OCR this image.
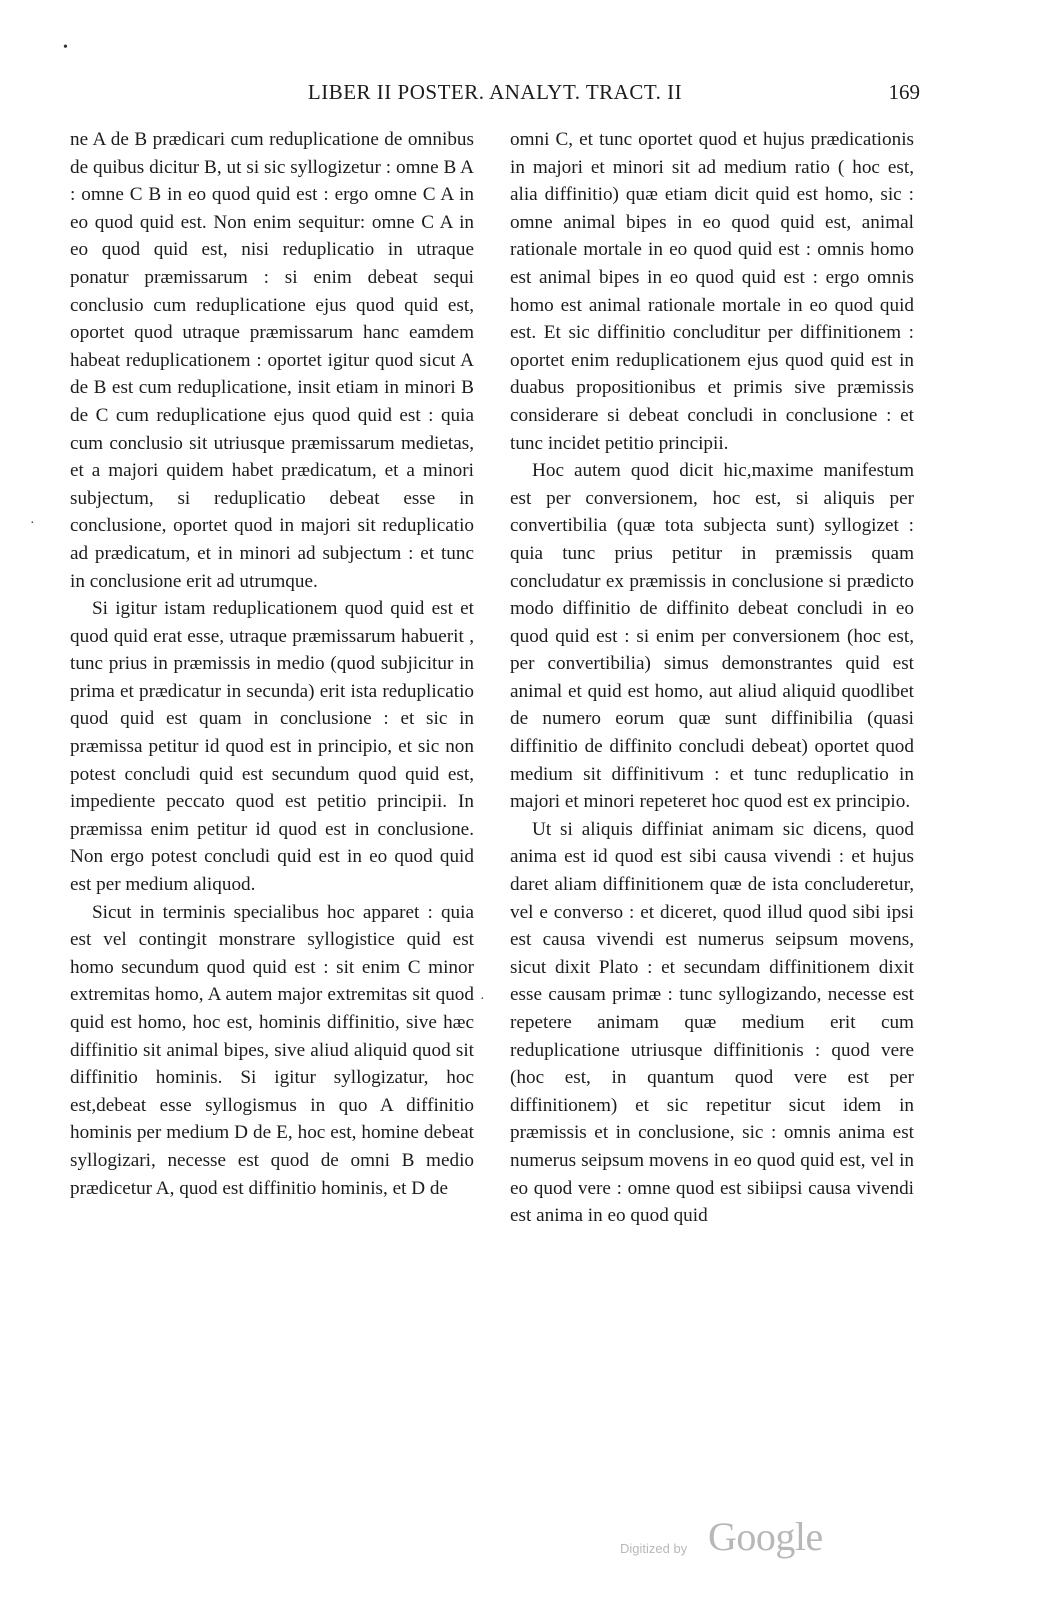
LIBER II POSTER. ANALYT. TRACT. II	169

ne A de B prædicari cum reduplicatione de omnibus de quibus dicitur B, ut si sic syllogizetur : omne B A : omne C B in eo quod quid est : ergo omne C A in eo quod quid est. Non enim sequitur: omne C A in eo quod quid est, nisi reduplicatio in utraque ponatur præmissarum : si enim debeat sequi conclusio cum reduplicatione ejus quod quid est, oportet quod utraque præmissarum hanc eamdem habeat reduplicationem : oportet igitur quod sicut A de B est cum reduplicatione, insit etiam in minori B de C cum reduplicatione ejus quod quid est : quia cum conclusio sit utriusque præmissarum medietas, et a majori quidem habet prædicatum, et a minori subjectum, si reduplicatio debeat esse in conclusione, oportet quod in majori sit reduplicatio ad prædicatum, et in minori ad subjectum : et tunc in conclusione erit ad utrumque.

Si igitur istam reduplicationem quod quid est et quod quid erat esse, utraque præmissarum habuerit , tunc prius in præmissis in medio (quod subjicitur in prima et prædicatur in secunda) erit ista reduplicatio quod quid est quam in conclusione : et sic in præmissa petitur id quod est in principio, et sic non potest concludi quid est secundum quod quid est, impediente peccato quod est petitio principii. In præmissa enim petitur id quod est in conclusione. Non ergo potest concludi quid est in eo quod quid est per medium aliquod.

Sicut in terminis specialibus hoc apparet : quia est vel contingit monstrare syllogistice quid est homo secundum quod quid est : sit enim C minor extremitas homo, A autem major extremitas sit quod quid est homo, hoc est, hominis diffinitio, sive hæc diffinitio sit animal bipes, sive aliud aliquid quod sit diffinitio hominis. Si igitur syllogizatur, hoc est,debeat esse syllogismus in quo A diffinitio hominis per medium D de E, hoc est, homine debeat syllogizari, necesse est quod de omni B medio prædicetur A, quod est diffinitio hominis, et D de

omni C, et tunc oportet quod et hujus prædicationis in majori et minori sit ad medium ratio ( hoc est, alia diffinitio) quæ etiam dicit quid est homo, sic : omne animal bipes in eo quod quid est, animal rationale mortale in eo quod quid est : omnis homo est animal bipes in eo quod quid est : ergo omnis homo est animal rationale mortale in eo quod quid est. Et sic diffinitio concluditur per diffinitionem : oportet enim reduplicationem ejus quod quid est in duabus propositionibus et primis sive præmissis considerare si debeat concludi in conclusione : et tunc incidet petitio principii.

Hoc autem quod dicit hic,maxime manifestum est per conversionem, hoc est, si aliquis per convertibilia (quæ tota subjecta sunt) syllogizet : quia tunc prius petitur in præmissis quam concludatur ex præmissis in conclusione si prædicto modo diffinitio de diffinito debeat concludi in eo quod quid est : si enim per conversionem (hoc est, per convertibilia) simus demonstrantes quid est animal et quid est homo, aut aliud aliquid quodlibet de numero eorum quæ sunt diffinibilia (quasi diffinitio de diffinito concludi debeat) oportet quod medium sit diffinitivum : et tunc reduplicatio in majori et minori repeteret hoc quod est ex principio.

Ut si aliquis diffiniat animam sic dicens, quod anima est id quod est sibi causa vivendi : et hujus daret aliam diffinitionem quæ de ista concluderetur, vel e converso : et diceret, quod illud quod sibi ipsi est causa vivendi est numerus seipsum movens, sicut dixit Plato : et secundam diffinitionem dixit esse causam primæ : tunc syllogizando, necesse est repetere animam quæ medium erit cum reduplicatione utriusque diffinitionis : quod vere (hoc est, in quantum quod vere est per diffinitionem) et sic repetitur sicut idem in præmissis et in conclusione, sic : omnis anima est numerus seipsum movens in eo quod quid est, vel in eo quod vere : omne quod est sibiipsi causa vivendi est anima in eo quod quid

•
·
·
Digitized by Google
